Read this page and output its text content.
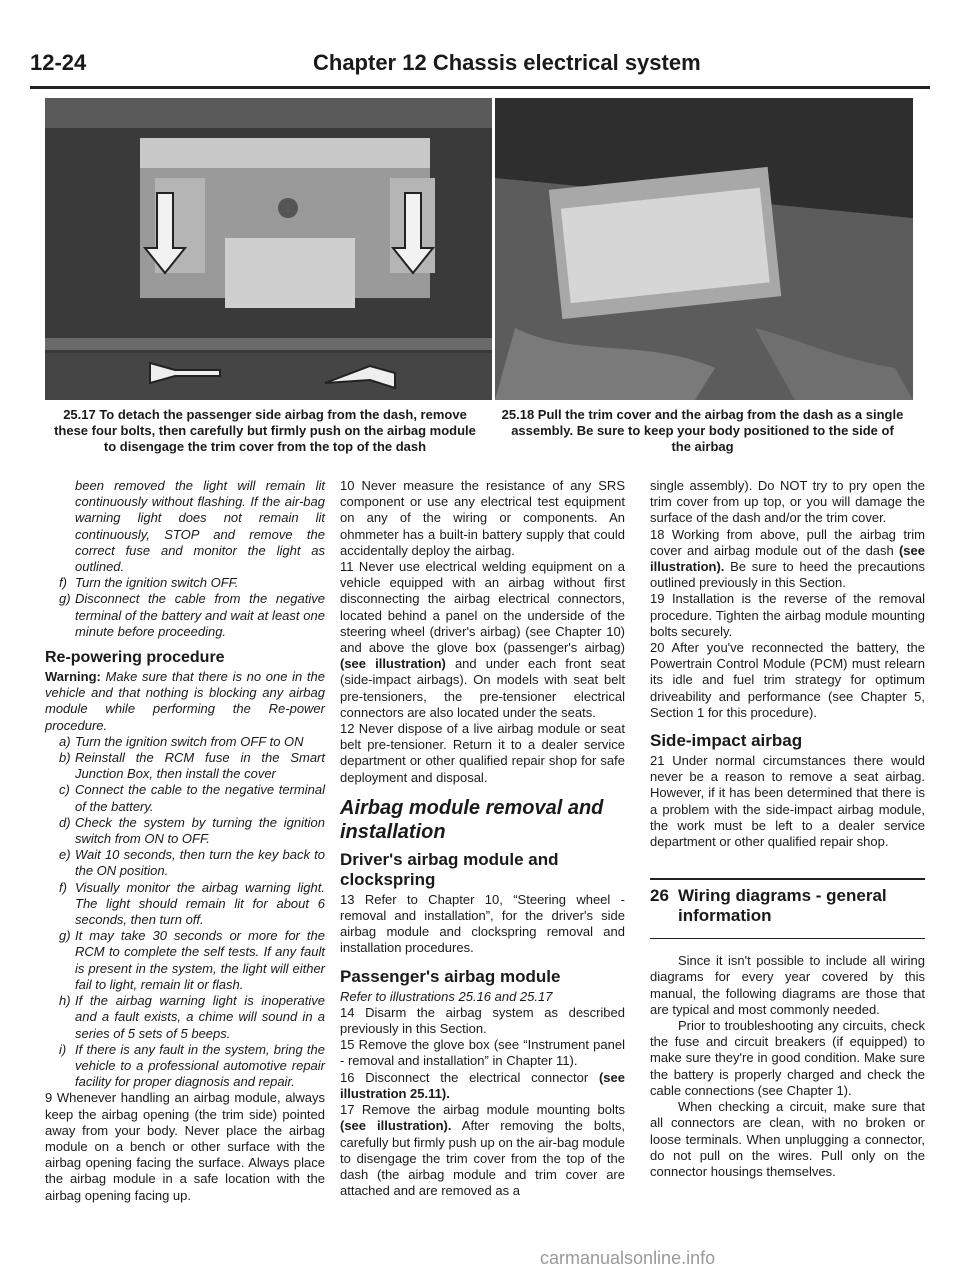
12-24	Chapter 12 Chassis electrical system
25.17 To detach the passenger side airbag from the dash, remove these four bolts, then carefully but firmly push on the airbag module to disengage the trim cover from the top of the dash
25.18 Pull the trim cover and the airbag from the dash as a single assembly. Be sure to keep your body positioned to the side of the airbag

been removed the light will remain lit continuously without flashing. If the air-bag warning light does not remain lit continuously, STOP and remove the correct fuse and monitor the light as outlined.

f) Turn the ignition switch OFF.

g) Disconnect the cable from the negative terminal of the battery and wait at least one minute before proceeding.

Re-powering procedure

Warning: Make sure that there is no one in the vehicle and that nothing is blocking any airbag module while performing the Re-power procedure.

a) Turn the ignition switch from OFF to ON

b) Reinstall the RCM fuse in the Smart Junction Box, then install the cover

c) Connect the cable to the negative terminal of the battery.

d) Check the system by turning the ignition switch from ON to OFF.

e) Wait 10 seconds, then turn the key back to the ON position.

f) Visually monitor the airbag warning light. The light should remain lit for about 6 seconds, then turn off.

g) It may take 30 seconds or more for the RCM to complete the self tests. If any fault is present in the system, the light will either fail to light, remain lit or flash.

h) If the airbag warning light is inoperative and a fault exists, a chime will sound in a series of 5 sets of 5 beeps.

i) If there is any fault in the system, bring the vehicle to a professional automotive repair facility for proper diagnosis and repair.

9 Whenever handling an airbag module, always keep the airbag opening (the trim side) pointed away from your body. Never place the airbag module on a bench or other surface with the airbag opening facing the surface. Always place the airbag module in a safe location with the airbag opening facing up.

10 Never measure the resistance of any SRS component or use any electrical test equipment on any of the wiring or components. An ohmmeter has a built-in battery supply that could accidentally deploy the airbag.

11 Never use electrical welding equipment on a vehicle equipped with an airbag without first disconnecting the airbag electrical connectors, located behind a panel on the underside of the steering wheel (driver's airbag) (see Chapter 10) and above the glove box (passenger's airbag) (see illustration) and under each front seat (side-impact airbags). On models with seat belt pre-tensioners, the pre-tensioner electrical connectors are also located under the seats.

12 Never dispose of a live airbag module or seat belt pre-tensioner. Return it to a dealer service department or other qualified repair shop for safe deployment and disposal.

Airbag module removal and installation
Driver's airbag module and clockspring

13 Refer to Chapter 10, “Steering wheel - removal and installation”, for the driver's side airbag module and clockspring removal and installation procedures.

Passenger's airbag module

Refer to illustrations 25.16 and 25.17

14 Disarm the airbag system as described previously in this Section.

15 Remove the glove box (see “Instrument panel - removal and installation” in Chapter 11).

16 Disconnect the electrical connector (see illustration 25.11).

17 Remove the airbag module mounting bolts (see illustration). After removing the bolts, carefully but firmly push up on the air-bag module to disengage the trim cover from the top of the dash (the airbag module and trim cover are attached and are removed as a

single assembly). Do NOT try to pry open the trim cover from up top, or you will damage the surface of the dash and/or the trim cover.

18 Working from above, pull the airbag trim cover and airbag module out of the dash (see illustration). Be sure to heed the precautions outlined previously in this Section.

19 Installation is the reverse of the removal procedure. Tighten the airbag module mounting bolts securely.

20 After you've reconnected the battery, the Powertrain Control Module (PCM) must relearn its idle and fuel trim strategy for optimum driveability and performance (see Chapter 5, Section 1 for this procedure).

Side-impact airbag

21 Under normal circumstances there would never be a reason to remove a seat airbag. However, if it has been determined that there is a problem with the side-impact airbag module, the work must be left to a dealer service department or other qualified repair shop.

26 Wiring diagrams - general information

Since it isn't possible to include all wiring diagrams for every year covered by this manual, the following diagrams are those that are typical and most commonly needed.

Prior to troubleshooting any circuits, check the fuse and circuit breakers (if equipped) to make sure they're in good condition. Make sure the battery is properly charged and check the cable connections (see Chapter 1).

When checking a circuit, make sure that all connectors are clean, with no broken or loose terminals. When unplugging a connector, do not pull on the wires. Pull only on the connector housings themselves.

carmanualsonline.info
